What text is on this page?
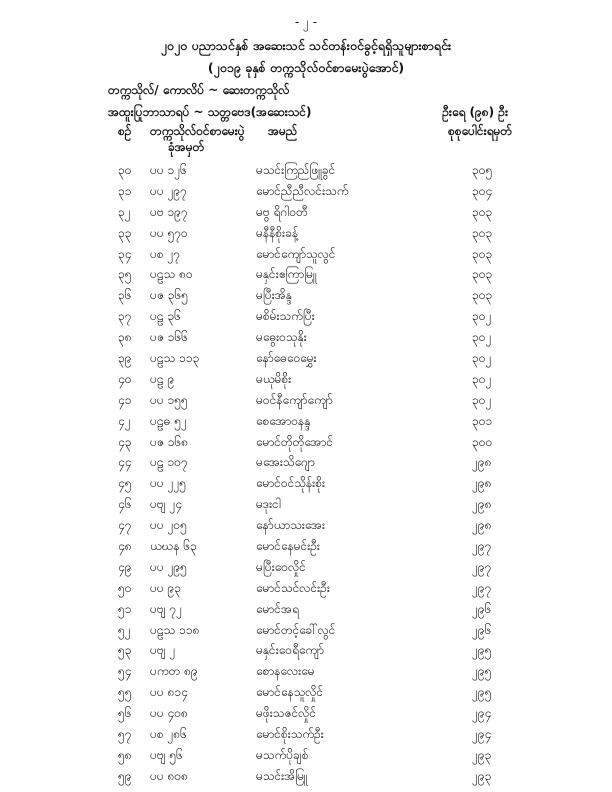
- ၂ -
၂၀၂၀ ပညာသင်နှစ် အဆေးသင် သင်တန်းဝင်ခွင့်ရရှိသူများစာရင်း
(၂၀၁၉ ခုနှစ် တက္ကသိုလ်ဝင်စာမေးပွဲအောင်)
တက္ကသိုလ်/ ကောလိပ် ~ ဆေးတက္ကသိုလ်
အထူးပြုဘာသာရပ် ~ သတ္တဗေဒ(အဆေးသင်)	ဦးရေ (၉၈) ဦး
စဉ် တက္ကသိုလ်ဝင်စာမေးပွဲ
ခုံအမှတ်
အမည်	စုစုပေါင်းရမှတ်
၃၀ ပပ ၁၂၆	မသင်းကြည်ဖြူခွင်	၃၀၅
၃၁ ပပ ၂၉၇	မောင်ညီညီလင်းသက်	၃၀၄
၃၂ ပဗ ၁၉၇	မဗွ ရိဂါဝတီ	၃၀၃
၃၃ ပပ ၅၇၀	မနီနီစိုးခန့်	၃၀၃
၃၄ ပစ ၂၇	မောင်ကျော်သူလွင်	၃၀၃
၃၅ ပဠသ ၈၀	မနှင်းဧကြာမြူ	၃၀၃
၃၆ ပဇ ၃၆၅	မပြီးအိန္ဒ	၃၀၃
၃၇ ပဠ ၃၆	မစိမ်းသက်ပြီး	၃၀၂
၃၈ ပဇ ၁၆၆	မဓွေးဝသုနိုး	၃၀၂
၃၉ ပဠသ ၁၁၃	နော်ဓေဝေမွှေး	၃၀၂
၄၀ ပဠ ၉	မယုမိစိုး	၃၀၂
၄၁ ပပ ၁၅၅	မဝင်နီကျော်ကျော်	၃၀၂
၄၂ ပဠဓ ၅၂	စေအောဝနန္ဒ	၃၀၁
၄၃ ပဇ ၁၆၈	မောင်တိုတိုအောင်	၃၀၀
၄၄ ပဠ ၁၀၇	မအေးသိဂျော	၂၉၈
၄၅ ပပ ၂၂၅	မောင်ဝင်သိုန်းစိုး	၂၉၈
၄၆ ပဗျ ၂၄	မဒုးငါ	၂၉၈
၄၇ ပပ ၂၀၅	နော်ယာသးအေး	၂၉၈
၄၈ ယဃန ၆၃	မောင်နေမင်းဦး	၂၉၇
၄၉ ပပ ၂၉၅	မပြီးဝေလှိုင်	၂၉၇
၅၀ ပပ ၉၃	မောင်သင်လင်းဦး	၂၉၇
၅၁ ပဗျ ၇၂	မောင်အရ	၂၉၆
၅၂ ပဠသ ၁၁၈	မောင်တင့်ခေါ်လွင်	၂၉၆
၅၃ ပဗျ ၂	မနှင်းဝေရီကျော်	၂၉၅
၅၄ ပကတ ၈၉	စောနလေးမေ	၂၉၅
၅၅ ပပ ၈၁၄	မောင်နေသူလှိုင်	၂၉၅
၅၆ ပပ ၄၀၈	မဖိုးသဇင်လှိုင်	၂၉၄
၅၇ ပစ ၂၈၆	မောင်စိုးသက်ဦး	၂၉၄
၅၈ ပဗျ ၅၆	မသက်ပိုချစ်	၂၉၃
၅၉ ပပ ၈၀၈	မသင်းအိမြူ	၂၉၃
